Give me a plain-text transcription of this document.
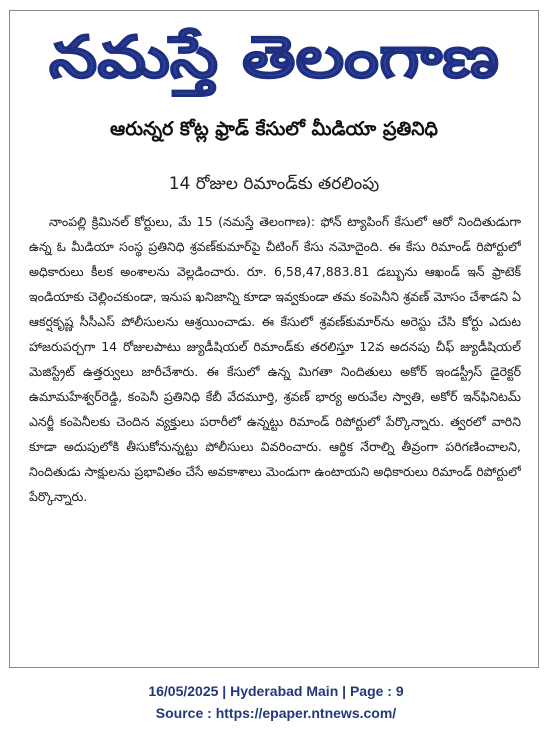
నమస్తే తెలంగాణ
ఆరున్నర కోట్ల ఫ్రాడ్ కేసులో మీడియా ప్రతినిధి
14 రోజుల రిమాండ్‌కు తరలింపు

నాంపల్లి క్రిమినల్ కోర్టులు, మే 15 (నమస్తే తెలంగాణ): ఫోన్ ట్యాపింగ్ కేసులో ఆరో నిందితుడుగా ఉన్న ఓ మీడియా సంస్థ ప్రతినిధి శ్రవణ్‌కుమార్‌పై చీటింగ్ కేసు నమోదైంది. ఈ కేసు రిమాండ్ రిపోర్టులో అధికారులు కీలక అంశాలను వెల్లడించారు. రూ. 6,58,47,883.81 డబ్బును ఆఖండ్ ఇన్ ఫ్రాటెక్ ఇండియాకు చెల్లించకుండా, ఇనుప ఖనిజాన్ని కూడా ఇవ్వకుండా తమ కంపెనీని శ్రవణ్ మోసం చేశాడని ఏ ఆకర్షకృష్ణ సీసీఎస్ పోలీసులను ఆశ్రయించాడు. ఈ కేసులో శ్రవణ్‌కుమార్‌ను అరెస్టు చేసి కోర్టు ఎదుట హాజరుపర్చగా 14 రోజులపాటు జ్యుడీషియల్ రిమాండ్‌కు తరలిస్తూ 12వ అదనపు చీఫ్ జ్యుడీషియల్ మెజిస్ట్రేట్ ఉత్తర్వులు జారీచేశారు. ఈ కేసులో ఉన్న మిగతా నిందితులు అకోర్ ఇండస్ట్రీస్ డైరెక్టర్ ఉమామహేశ్వర్‌రెడ్డి, కంపెనీ ప్రతినిధి కేబీ వేదమూర్తి, శ్రవణ్ భార్య అరువేల స్వాతి, అకోర్ ఇన్‌ఫినిటమ్ ఎనర్జీ కంపెనీలకు చెందిన వ్యక్తులు పరారీలో ఉన్నట్టు రిమాండ్ రిపోర్టులో పేర్కొన్నారు. త్వరలో వారిని కూడా అదుపులోకి తీసుకోనున్నట్టు పోలీసులు వివరించారు. ఆర్థిక నేరాల్ని తీవ్రంగా పరిగణించాలని, నిందితుడు సాక్షులను ప్రభావితం చేసే అవకాశాలు మెండుగా ఉంటాయని అధికారులు రిమాండ్ రిపోర్టులో పేర్కొన్నారు.

16/05/2025 | Hyderabad Main | Page : 9
Source : https://epaper.ntnews.com/
